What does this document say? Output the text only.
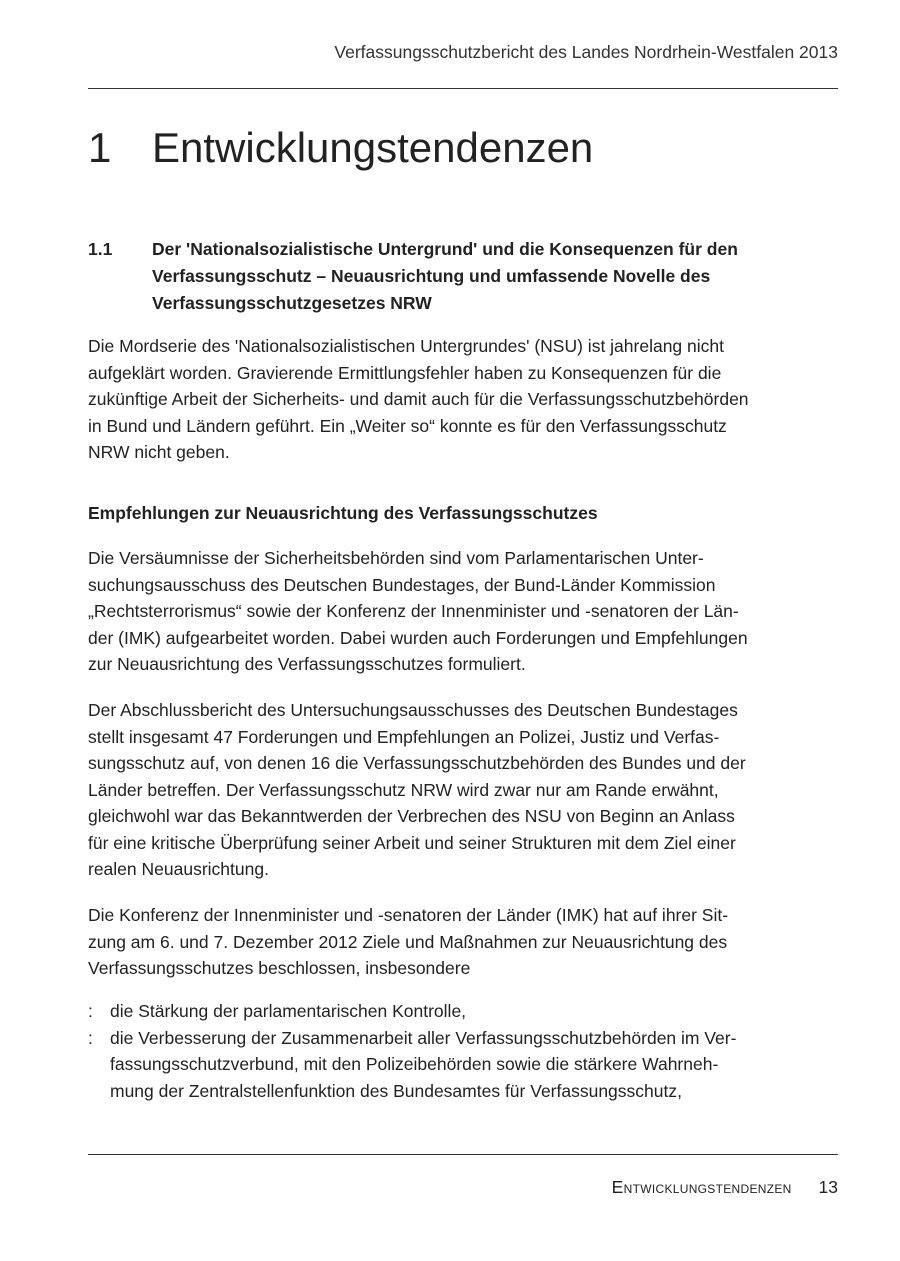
Verfassungsschutzbericht des Landes Nordrhein-Westfalen 2013
1 Entwicklungstendenzen
1.1	Der 'Nationalsozialistische Untergrund' und die Konsequenzen für den
Verfassungsschutz – Neuausrichtung und umfassende Novelle des
Verfassungsschutzgesetzes NRW
Die Mordserie des 'Nationalsozialistischen Untergrundes' (NSU) ist jahrelang nicht
aufgeklärt worden. Gravierende Ermittlungsfehler haben zu Konsequenzen für die
zukünftige Arbeit der Sicherheits- und damit auch für die Verfassungsschutzbehörden
in Bund und Ländern geführt. Ein „Weiter so“ konnte es für den Verfassungsschutz
NRW nicht geben.
Empfehlungen zur Neuausrichtung des Verfassungsschutzes
Die Versäumnisse der Sicherheitsbehörden sind vom Parlamentarischen Unter-
suchungsausschuss des Deutschen Bundestages, der Bund-Länder Kommission
„Rechtsterrorismus“ sowie der Konferenz der Innenminister und -senatoren der Län-
der (IMK) aufgearbeitet worden. Dabei wurden auch Forderungen und Empfehlungen
zur Neuausrichtung des Verfassungsschutzes formuliert.
Der Abschlussbericht des Untersuchungsausschusses des Deutschen Bundestages
stellt insgesamt 47 Forderungen und Empfehlungen an Polizei, Justiz und Verfas-
sungsschutz auf, von denen 16 die Verfassungsschutzbehörden des Bundes und der
Länder betreffen. Der Verfassungsschutz NRW wird zwar nur am Rande erwähnt,
gleichwohl war das Bekanntwerden der Verbrechen des NSU von Beginn an Anlass
für eine kritische Überprüfung seiner Arbeit und seiner Strukturen mit dem Ziel einer
realen Neuausrichtung.
Die Konferenz der Innenminister und -senatoren der Länder (IMK) hat auf ihrer Sit-
zung am 6. und 7. Dezember 2012 Ziele und Maßnahmen zur Neuausrichtung des
Verfassungsschutzes beschlossen, insbesondere
: die Stärkung der parlamentarischen Kontrolle,
: die Verbesserung der Zusammenarbeit aller Verfassungsschutzbehörden im Ver-
fassungsschutzverbund, mit den Polizeibehörden sowie die stärkere Wahrneh-
mung der Zentralstellenfunktion des Bundesamtes für Verfassungsschutz,
Entwicklungstendenzen 13
